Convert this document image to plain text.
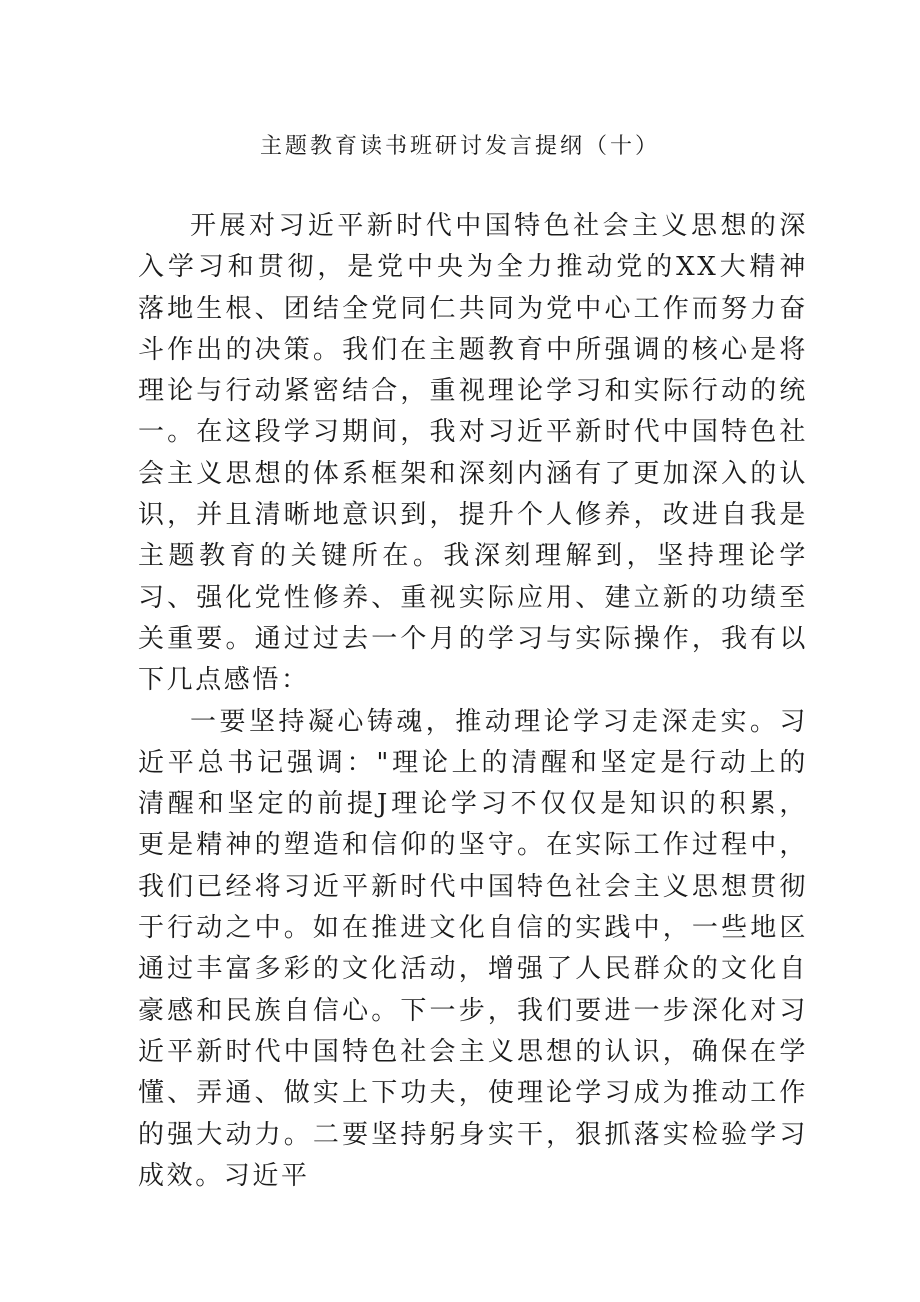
主题教育读书班研讨发言提纲（十）

开展对习近平新时代中国特色社会主义思想的深入学习和贯彻，是党中央为全力推动党的XX大精神落地生根、团结全党同仁共同为党中心工作而努力奋斗作出的决策。我们在主题教育中所强调的核心是将理论与行动紧密结合，重视理论学习和实际行动的统一。在这段学习期间，我对习近平新时代中国特色社会主义思想的体系框架和深刻内涵有了更加深入的认识，并且清晰地意识到，提升个人修养，改进自我是主题教育的关键所在。我深刻理解到，坚持理论学习、强化党性修养、重视实际应用、建立新的功绩至关重要。通过过去一个月的学习与实际操作，我有以下几点感悟：

一要坚持凝心铸魂，推动理论学习走深走实。习近平总书记强调："理论上的清醒和坚定是行动上的清醒和坚定的前提J理论学习不仅仅是知识的积累，更是精神的塑造和信仰的坚守。在实际工作过程中，我们已经将习近平新时代中国特色社会主义思想贯彻于行动之中。如在推进文化自信的实践中，一些地区通过丰富多彩的文化活动，增强了人民群众的文化自豪感和民族自信心。下一步，我们要进一步深化对习近平新时代中国特色社会主义思想的认识，确保在学懂、弄通、做实上下功夫，使理论学习成为推动工作的强大动力。二要坚持躬身实干，狠抓落实检验学习成效。习近平
